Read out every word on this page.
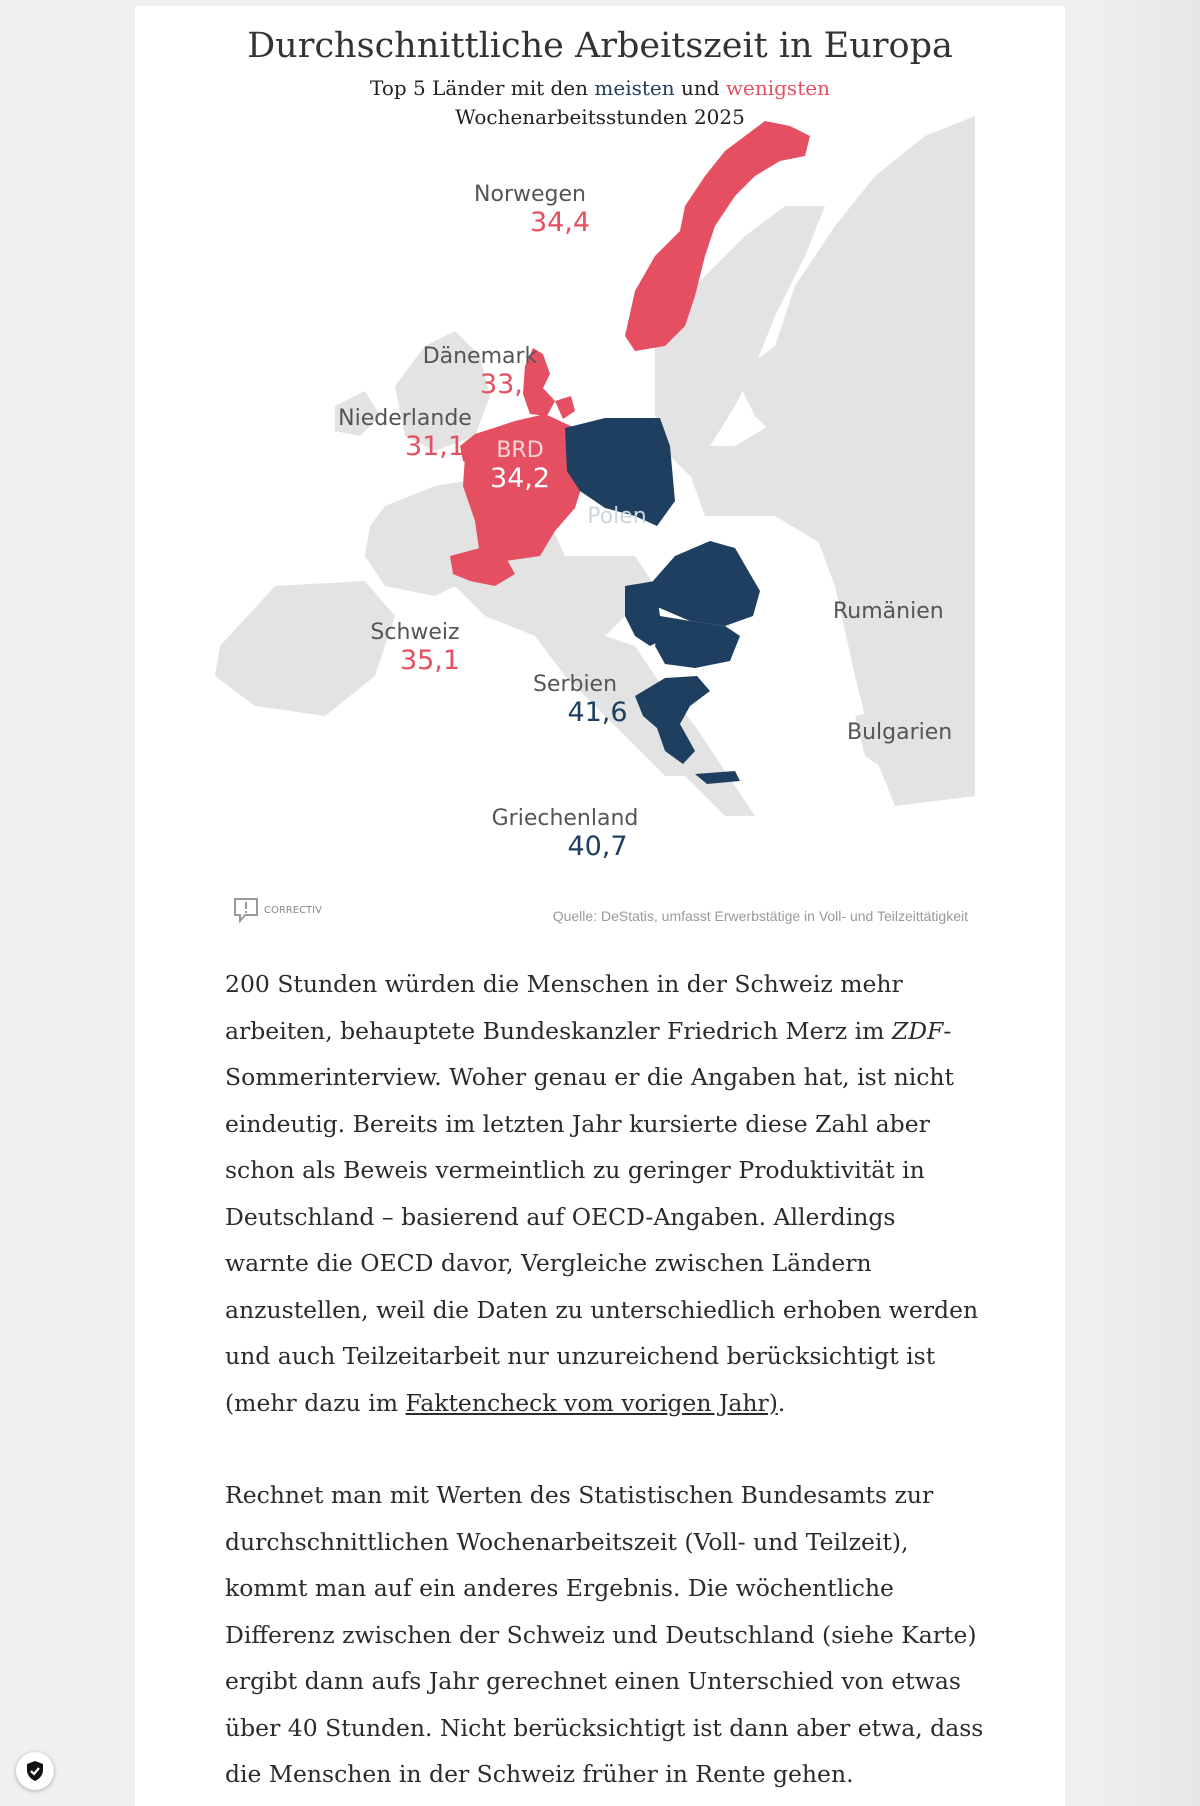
Durchschnittliche Arbeitszeit in Europa
Top 5 Länder mit den meisten und wenigsten
Wochenarbeitsstunden 2025
Norwegen
34,4
Dänemark
33,2
Niederlande
31,1	BRD
34,2
Schweiz
35,1
Polen
39,8
Rumänien
39,9
Serbien
41,6
39,8 Bulgarien
Griechenland
40,7
CORRECTIV	Quelle: DeStatis, umfasst Erwerbstätige in Voll- und Teilzeittätigkeit

200 Stunden würden die Menschen in der Schweiz mehr arbeiten, behauptete Bundeskanzler Friedrich Merz im ZDF-Sommerinterview. Woher genau er die Angaben hat, ist nicht eindeutig. Bereits im letzten Jahr kursierte diese Zahl aber schon als Beweis vermeintlich zu geringer Produktivität in Deutschland – basierend auf OECD-Angaben. Allerdings warnte die OECD davor, Vergleiche zwischen Ländern anzustellen, weil die Daten zu unterschiedlich erhoben werden und auch Teilzeitarbeit nur unzureichend berücksichtigt ist (mehr dazu im Faktencheck vom vorigen Jahr).

Rechnet man mit Werten des Statistischen Bundesamts zur durchschnittlichen Wochenarbeitszeit (Voll- und Teilzeit), kommt man auf ein anderes Ergebnis. Die wöchentliche Differenz zwischen der Schweiz und Deutschland (siehe Karte) ergibt dann aufs Jahr gerechnet einen Unterschied von etwas über 40 Stunden. Nicht berücksichtigt ist dann aber etwa, dass die Menschen in der Schweiz früher in Rente gehen.
